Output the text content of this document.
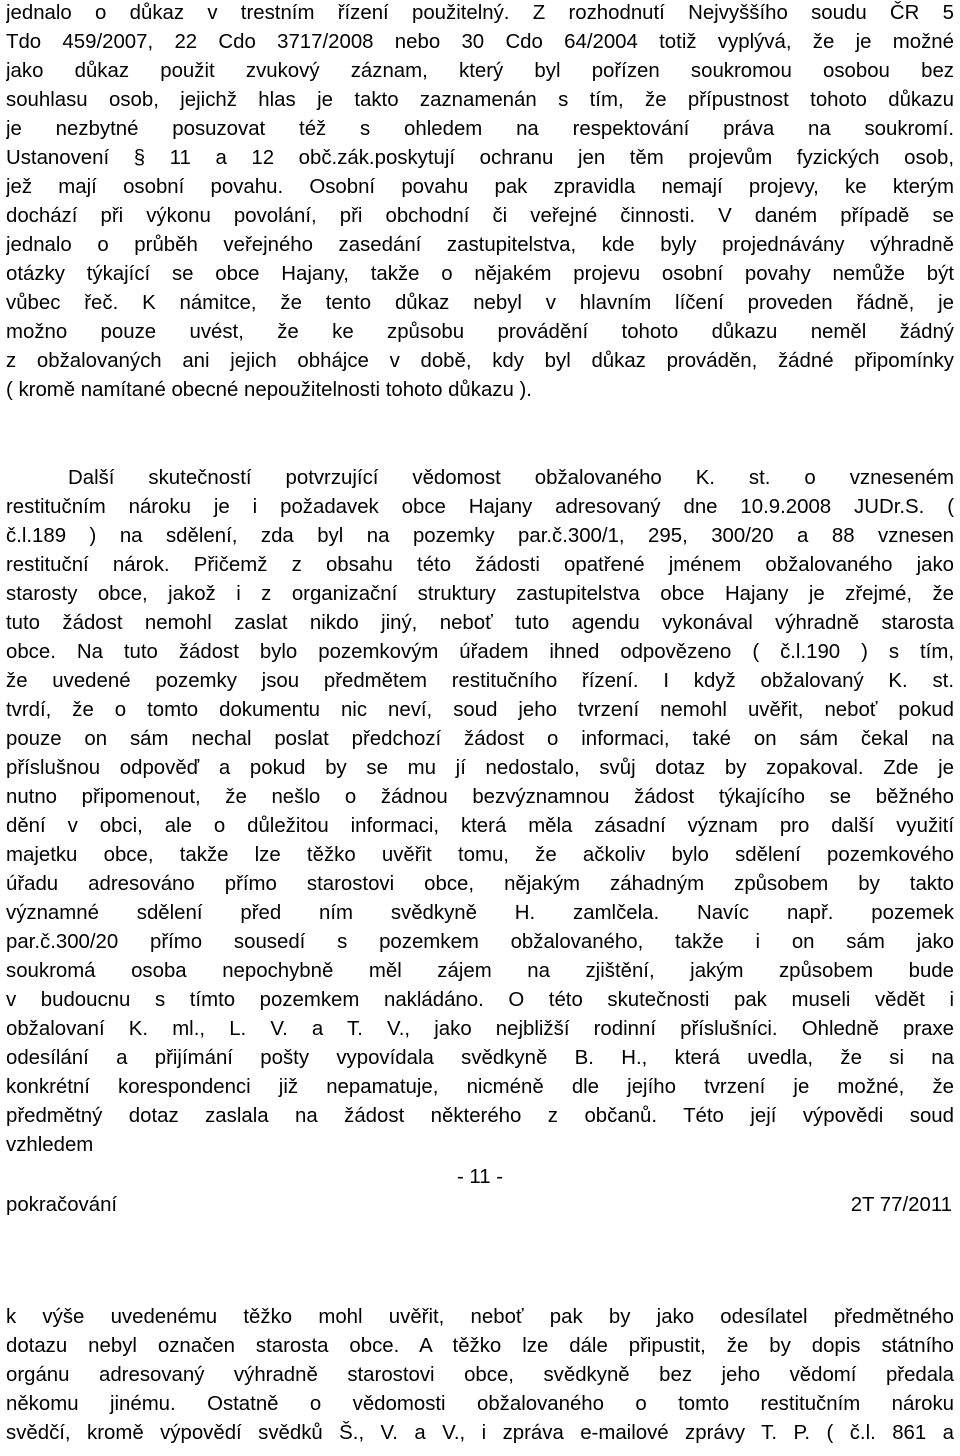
jednalo o důkaz v trestním řízení použitelný. Z rozhodnutí Nejvyššího soudu ČR 5
Tdo 459/2007, 22 Cdo 3717/2008 nebo 30 Cdo 64/2004 totiž vyplývá, že je možné
jako důkaz použit zvukový záznam, který byl pořízen soukromou osobou bez
souhlasu osob, jejichž hlas je takto zaznamenán s tím, že přípustnost tohoto důkazu
je nezbytné posuzovat též s ohledem na respektování práva na soukromí.
Ustanovení § 11 a 12 obč.zák.poskytují ochranu jen těm projevům fyzických osob,
jež mají osobní povahu. Osobní povahu pak zpravidla nemají projevy, ke kterým
dochází při výkonu povolání, při obchodní či veřejné činnosti. V daném případě se
jednalo o průběh veřejného zasedání zastupitelstva, kde byly projednávány výhradně
otázky týkající se obce Hajany, takže o nějakém projevu osobní povahy nemůže být
vůbec řeč. K námitce, že tento důkaz nebyl v hlavním líčení proveden řádně, je
možno pouze uvést, že ke způsobu provádění tohoto důkazu neměl žádný
z obžalovaných ani jejich obhájce v době, kdy byl důkaz prováděn, žádné připomínky
( kromě namítané obecné nepoužitelnosti tohoto důkazu ).
Další skutečností potvrzující vědomost obžalovaného K. st. o vzneseném
restitučním nároku je i požadavek obce Hajany adresovaný dne 10.9.2008 JUDr.S. (
č.l.189 ) na sdělení, zda byl na pozemky par.č.300/1, 295, 300/20 a 88 vznesen
restituční nárok. Přičemž z obsahu této žádosti opatřené jménem obžalovaného jako
starosty obce, jakož i z organizační struktury zastupitelstva obce Hajany je zřejmé, že
tuto žádost nemohl zaslat nikdo jiný, neboť tuto agendu vykonával výhradně starosta
obce. Na tuto žádost bylo pozemkovým úřadem ihned odpovězeno ( č.l.190 ) s tím,
že uvedené pozemky jsou předmětem restitučního řízení. I když obžalovaný K. st.
tvrdí, že o tomto dokumentu nic neví, soud jeho tvrzení nemohl uvěřit, neboť pokud
pouze on sám nechal poslat předchozí žádost o informaci, také on sám čekal na
příslušnou odpověď a pokud by se mu jí nedostalo, svůj dotaz by zopakoval. Zde je
nutno připomenout, že nešlo o žádnou bezvýznamnou žádost týkajícího se běžného
dění v obci, ale o důležitou informaci, která měla zásadní význam pro další využití
majetku obce, takže lze těžko uvěřit tomu, že ačkoliv bylo sdělení pozemkového
úřadu adresováno přímo starostovi obce, nějakým záhadným způsobem by takto
významné sdělení před ním svědkyně H. zamlčela. Navíc např. pozemek
par.č.300/20 přímo sousedí s pozemkem obžalovaného, takže i on sám jako
soukromá osoba nepochybně měl zájem na zjištění, jakým způsobem bude
v budoucnu s tímto pozemkem nakládáno. O této skutečnosti pak museli vědět i
obžalovaní K. ml., L. V. a T. V., jako nejbližší rodinní příslušníci. Ohledně praxe
odesílání a přijímání pošty vypovídala svědkyně B. H., která uvedla, že si na
konkrétní korespondenci již nepamatuje, nicméně dle jejího tvrzení je možné, že
předmětný dotaz zaslala na žádost některého z občanů. Této její výpovědi soud
vzhledem
k výše uvedenému těžko mohl uvěřit, neboť pak by jako odesílatel předmětného
dotazu nebyl označen starosta obce. A těžko lze dále připustit, že by dopis státního
orgánu adresovaný výhradně starostovi obce, svědkyně bez jeho vědomí předala
někomu jinému. Ostatně o vědomosti obžalovaného o tomto restitučním nároku
svědčí, kromě výpovědí svědků Š., V. a V., i zpráva e-mailové zprávy T. P. ( č.l. 861 a
- 11 -
pokračování	2T 77/2011
